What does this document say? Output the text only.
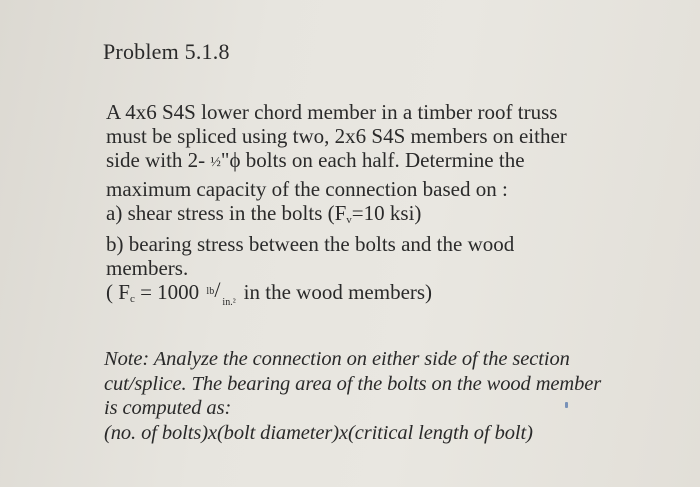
Problem 5.1.8
A 4x6 S4S lower chord member in a timber roof truss
must be spliced using two, 2x6 S4S members on either
side with 2- ½"ϕ bolts on each half. Determine the
maximum capacity of the connection based on :
a) shear stress in the bolts ($F_v=10$ ksi)
b) bearing stress between the bolts and the wood
members.
( $F_c = 1000$ lb /
in.² in the wood members)
Note: Analyze the connection on either side of the section
cut/splice. The bearing area of the bolts on the wood member
is computed as:
(no. of bolts)x(bolt diameter)x(critical length of bolt)
